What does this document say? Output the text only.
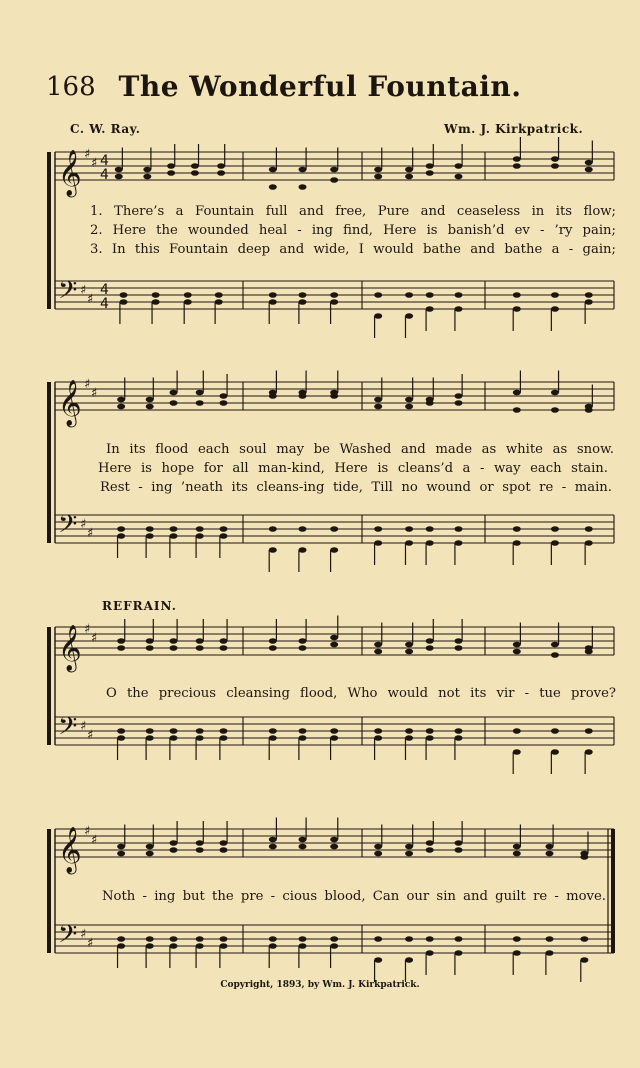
168 The Wonderful Fountain.
C. W. Ray.	Wm. J. Kirkpatrick.
𝄞
𝄢
♯
♯
♯
♯
4
4
4
4
𝄞
𝄢
♯
♯
♯
♯
𝄞
𝄢
♯
♯
♯
♯
𝄞
𝄢
♯
♯
♯
♯
1. There’s a Fountain full and free, Pure and ceaseless in its flow;
2. Here the wounded heal - ing find, Here is banish’d ev - ’ry pain;
3. In this Fountain deep and wide, I would bathe and bathe a - gain;
In its flood each soul may be Washed and made as white as snow.
Here is hope for all man-kind, Here is cleans’d a - way each stain.
Rest - ing ’neath its cleans-ing tide, Till no wound or spot re - main.
REFRAIN.
O the precious cleansing flood, Who would not its vir - tue prove?
Noth - ing but the pre - cious blood, Can our sin and guilt re - move.
Copyright, 1893, by Wm. J. Kirkpatrick.
